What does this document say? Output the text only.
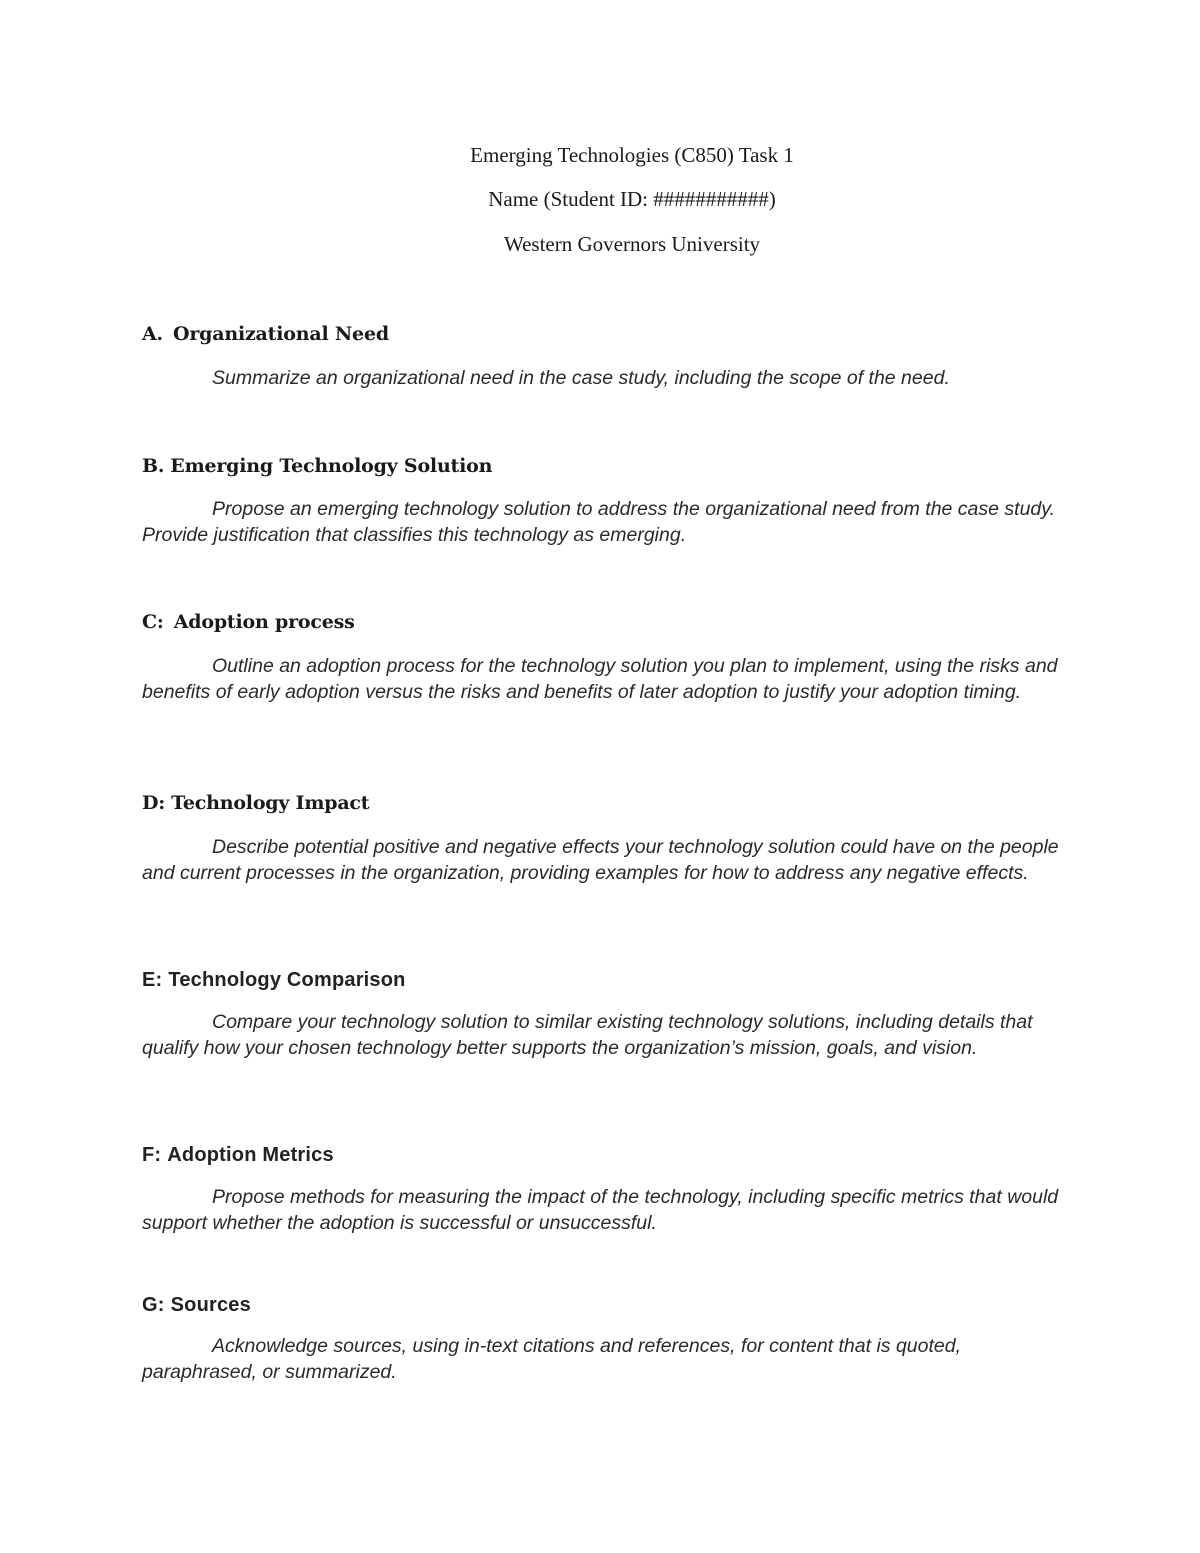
Emerging Technologies (C850) Task 1
Name (Student ID: ###########)
Western Governors University
A. Organizational Need
Summarize an organizational need in the case study, including the scope of the need.
B. Emerging Technology Solution
Propose an emerging technology solution to address the organizational need from the case study. Provide justification that classifies this technology as emerging.
C: Adoption process
Outline an adoption process for the technology solution you plan to implement, using the risks and benefits of early adoption versus the risks and benefits of later adoption to justify your adoption timing.
D: Technology Impact
Describe potential positive and negative effects your technology solution could have on the people and current processes in the organization, providing examples for how to address any negative effects.
E: Technology Comparison
Compare your technology solution to similar existing technology solutions, including details that qualify how your chosen technology better supports the organization’s mission, goals, and vision.
F: Adoption Metrics
Propose methods for measuring the impact of the technology, including specific metrics that would support whether the adoption is successful or unsuccessful.
G: Sources
Acknowledge sources, using in-text citations and references, for content that is quoted, paraphrased, or summarized.
